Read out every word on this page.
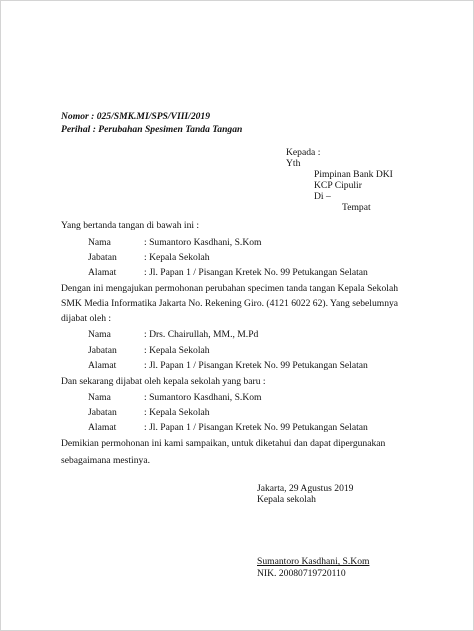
Nomor : 025/SMK.MI/SPS/VIII/2019
Perihal : Perubahan Spesimen Tanda Tangan
Kepada :
Yth
Pimpinan Bank DKI
KCP Cipulir
Di –
Tempat
Yang bertanda tangan di bawah ini :
Nama	: Sumantoro Kasdhani, S.Kom
Jabatan	: Kepala Sekolah
Alamat	: Jl. Papan 1 / Pisangan Kretek No. 99 Petukangan Selatan
Dengan ini mengajukan permohonan perubahan specimen tanda tangan Kepala Sekolah
SMK Media Informatika Jakarta No. Rekening Giro. (4121 6022 62). Yang sebelumnya
dijabat oleh :
Nama	: Drs. Chairullah, MM., M.Pd
Jabatan	: Kepala Sekolah
Alamat	: Jl. Papan 1 / Pisangan Kretek No. 99 Petukangan Selatan
Dan sekarang dijabat oleh kepala sekolah yang baru :
Nama	: Sumantoro Kasdhani, S.Kom
Jabatan	: Kepala Sekolah
Alamat	: Jl. Papan 1 / Pisangan Kretek No. 99 Petukangan Selatan
Demikian permohonan ini kami sampaikan, untuk diketahui dan dapat dipergunakan
sebagaimana mestinya.
Jakarta, 29 Agustus 2019
Kepala sekolah
Sumantoro Kasdhani, S.Kom
NIK. 20080719720110
